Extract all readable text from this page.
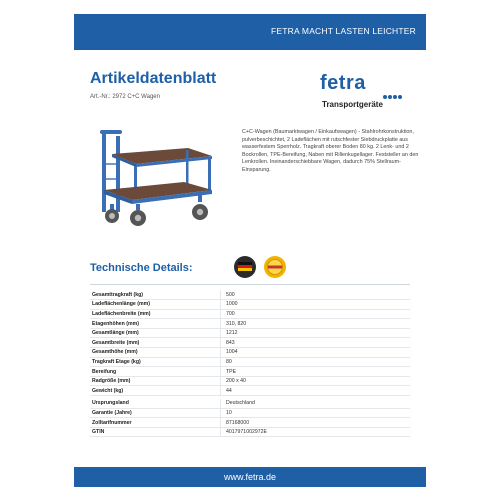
FETRA MACHT LASTEN LEICHTER
Artikeldatenblatt
Art.-Nr.: 2972 C+C Wagen
fetra
Transportgeräte
C+C-Wagen (Baumarktwagen / Einkaufswagen) - Stahlrohrkonstruktion, pulverbeschichtet, 2 Ladeflächen mit rutschfester Siebdruckplatte aus wasserfestem Sperrholz. Tragkraft oberer Boden 80 kg. 2 Lenk- und 2 Bockrollen, TPE-Bereifung, Naben mit Rillenkugellager. Feststeller an den Lenkrollen. Ineinanderschiebbare Wagen, dadurch 75% Stellraum-Einsparung.
Technische Details:
Gesamttragkraft (kg)		500
Ladeflächenlänge (mm)		1000
Ladeflächenbreite (mm)		700
Etagenhöhen (mm)		310, 820
Gesamtlänge (mm)		1212
Gesamtbreite (mm)		843
Gesamthöhe (mm)		1004
Tragkraft Etage (kg)		80
Bereifung		TPE
Radgröße (mm)		200 x 40
Gewicht (kg)		44

Ursprungsland		Deutschland
Garantie (Jahre)		10
Zolltarifnummer		87168000
GTIN		4017971002972E
www.fetra.de
